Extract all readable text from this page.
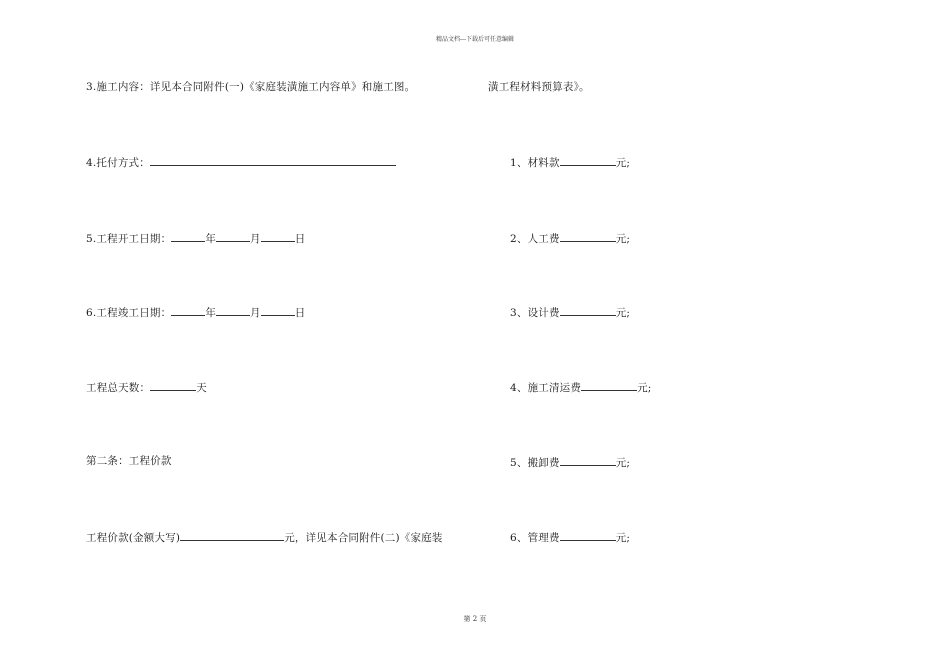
精品文档---下载后可任意编辑
3.施工内容：详见本合同附件(一)《家庭装潢施工内容单》和施工图。
4.托付方式：
5.工程开工日期：	年	月	日
6.工程竣工日期：	年	月	日
工程总天数：	天
第二条：工程价款
工程价款(金额大写)	元，详见本合同附件(二)《家庭装
潢工程材料预算表》。
1、材料款	元;
2、人工费	元;
3、设计费	元;
4、施工清运费	元;
5、搬卸费	元;
6、管理费	元;
第 2 页
